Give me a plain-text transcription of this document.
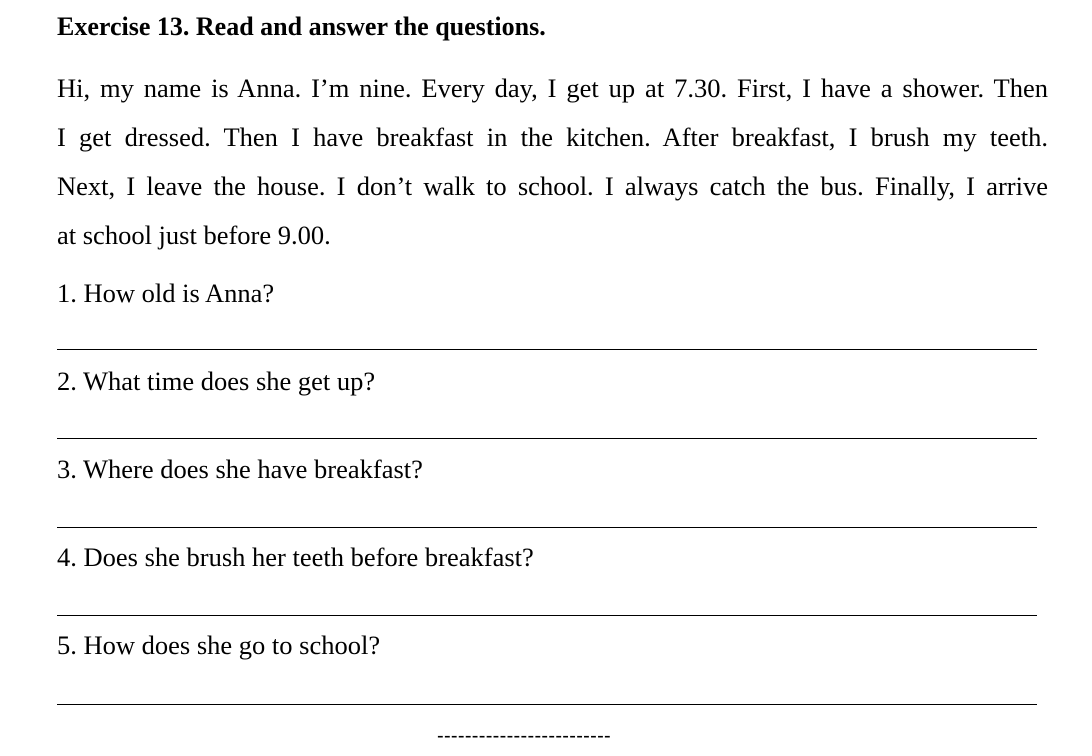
Exercise 13. Read and answer the questions.
Hi, my name is Anna. I’m nine. Every day, I get up at 7.30. First, I have a shower. Then
I get dressed. Then I have breakfast in the kitchen. After breakfast, I brush my teeth.
Next, I leave the house. I don’t walk to school. I always catch the bus. Finally, I arrive
at school just before 9.00.
1. How old is Anna?
2. What time does she get up?
3. Where does she have breakfast?
4. Does she brush her teeth before breakfast?
5. How does she go to school?
-------------------------
